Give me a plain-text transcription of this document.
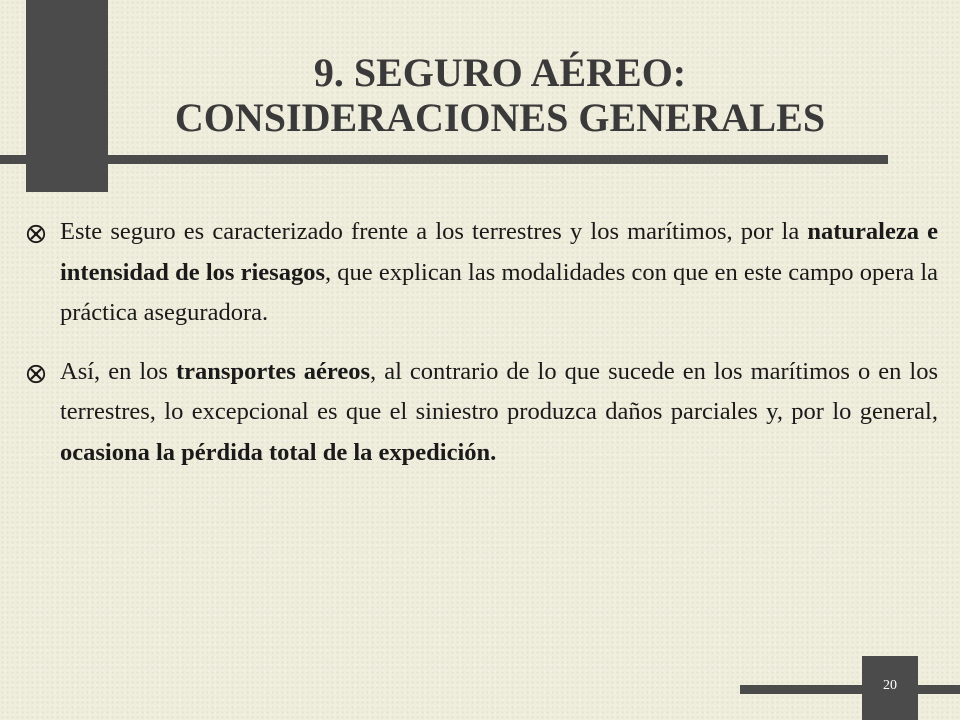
9. SEGURO AÉREO:
CONSIDERACIONES GENERALES

Este seguro es caracterizado frente a los terrestres y los marítimos, por la naturaleza e intensidad de los riesagos, que explican las modalidades con que en este campo opera la práctica aseguradora.

Así, en los transportes aéreos, al contrario de lo que sucede en los marítimos o en los terrestres, lo excepcional es que el siniestro produzca daños parciales y, por lo general, ocasiona la pérdida total de la expedición.

20
